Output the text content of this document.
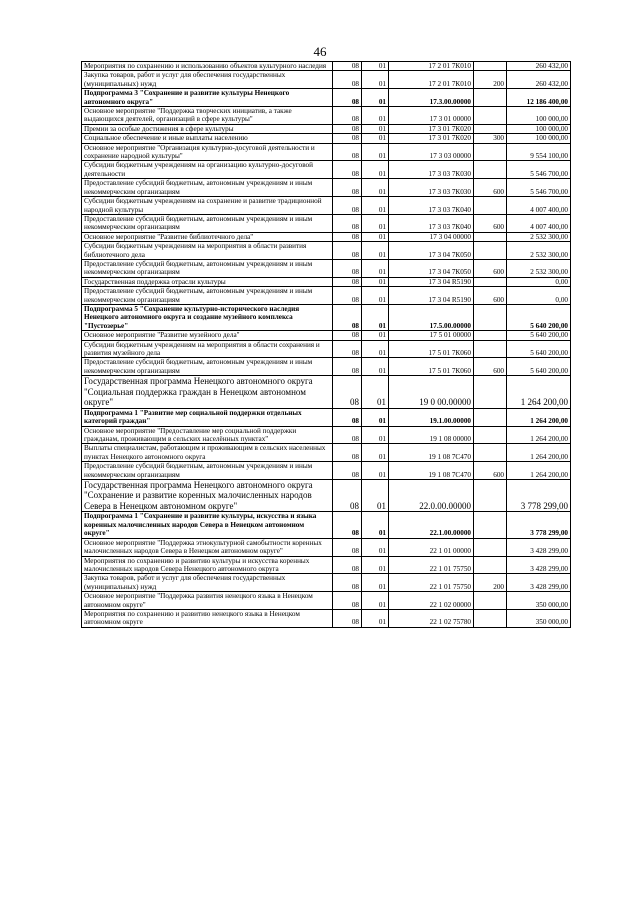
46
Мероприятия по сохранению и использованию объектов культурного наследия	08	01	17 2 01 7К010		260 432,00
Закупка товаров, работ и услуг для обеспечения государственных (муниципальных) нужд	08	01	17 2 01 7К010	200	260 432,00
Подпрограмма 3 "Сохранение и развитие культуры Ненецкого автономного округа"	08	01	17.3.00.00000		12 186 400,00
Основное мероприятие "Поддержка творческих инициатив, а также выдающихся деятелей, организаций в сфере культуры"	08	01	17 3 01 00000		100 000,00
Премии за особые достижения в сфере культуры	08	01	17 3 01 7К020		100 000,00
Социальное обеспечение и иные выплаты населению	08	01	17 3 01 7К020	300	100 000,00
Основное мероприятие "Организация культурно-досуговой деятельности и сохранение народной культуры"	08	01	17 3 03 00000		9 554 100,00
Субсидии бюджетным учреждениям на организацию культурно-досуговой деятельности	08	01	17 3 03 7К030		5 546 700,00
Предоставление субсидий бюджетным, автономным учреждениям и иным некоммерческим организациям	08	01	17 3 03 7К030	600	5 546 700,00
Субсидии бюджетным учреждениям на сохранение и развитие традиционной народной культуры	08	01	17 3 03 7К040		4 007 400,00
Предоставление субсидий бюджетным, автономным учреждениям и иным некоммерческим организациям	08	01	17 3 03 7К040	600	4 007 400,00
Основное мероприятие "Развитие библиотечного дела"	08	01	17 3 04 00000		2 532 300,00
Субсидии бюджетным учреждениям на мероприятия в области развития библиотечного дела	08	01	17 3 04 7К050		2 532 300,00
Предоставление субсидий бюджетным, автономным учреждениям и иным некоммерческим организациям	08	01	17 3 04 7К050	600	2 532 300,00
Государственная поддержка отрасли культуры	08	01	17 3 04 R5190		0,00
Предоставление субсидий бюджетным, автономным учреждениям и иным некоммерческим организациям	08	01	17 3 04 R5190	600	0,00
Подпрограмма 5 "Сохранение культурно-исторического наследия Ненецкого автономного округа и создание музейного комплекса "Пустозерье"	08	01	17.5.00.00000		5 640 200,00
Основное мероприятие "Развитие музейного дела"	08	01	17 5 01 00000		5 640 200,00
Субсидии бюджетным учреждениям на мероприятия в области сохранения и развития музейного дела	08	01	17 5 01 7К060		5 640 200,00
Предоставление субсидий бюджетным, автономным учреждениям и иным некоммерческим организациям	08	01	17 5 01 7К060	600	5 640 200,00
Государственная программа Ненецкого автономного округа "Социальная поддержка граждан в Ненецком автономном округе"	08	01	19 0 00.00000		1 264 200,00
Подпрограмма 1 "Развитие мер социальной поддержки отдельных категорий граждан"	08	01	19.1.00.00000		1 264 200,00
Основное мероприятие "Предоставление мер социальной поддержки гражданам, проживающим в сельских населённых пунктах"	08	01	19 1 08 00000		1 264 200,00
Выплаты специалистам, работающим и проживающим в сельских населенных пунктах Ненецкого автономного округа	08	01	19 1 08 7С470		1 264 200,00
Предоставление субсидий бюджетным, автономным учреждениям и иным некоммерческим организациям	08	01	19 1 08 7С470	600	1 264 200,00
Государственная программа Ненецкого автономного округа "Сохранение и развитие коренных малочисленных народов Севера в Ненецком автономном округе"	08	01	22.0.00.00000		3 778 299,00
Подпрограмма 1 "Сохранение и развитие культуры, искусства и языка коренных малочисленных народов Севера в Ненецком автономном округе"	08	01	22.1.00.00000		3 778 299,00
Основное мероприятие "Поддержка этнокультурной самобытности коренных малочисленных народов Севера в Ненецком автономном округе"	08	01	22 1 01 00000		3 428 299,00
Мероприятия по сохранению и развитию культуры и искусства коренных малочисленных народов Севера Ненецкого автономного округа	08	01	22 1 01 75750		3 428 299,00
Закупка товаров, работ и услуг для обеспечения государственных (муниципальных) нужд	08	01	22 1 01 75750	200	3 428 299,00
Основное мероприятие "Поддержка развития ненецкого языка в Ненецком автономном округе"	08	01	22 1 02 00000		350 000,00
Мероприятия по сохранению и развитию ненецкого языка в Ненецком автономном округе	08	01	22 1 02 75780		350 000,00
